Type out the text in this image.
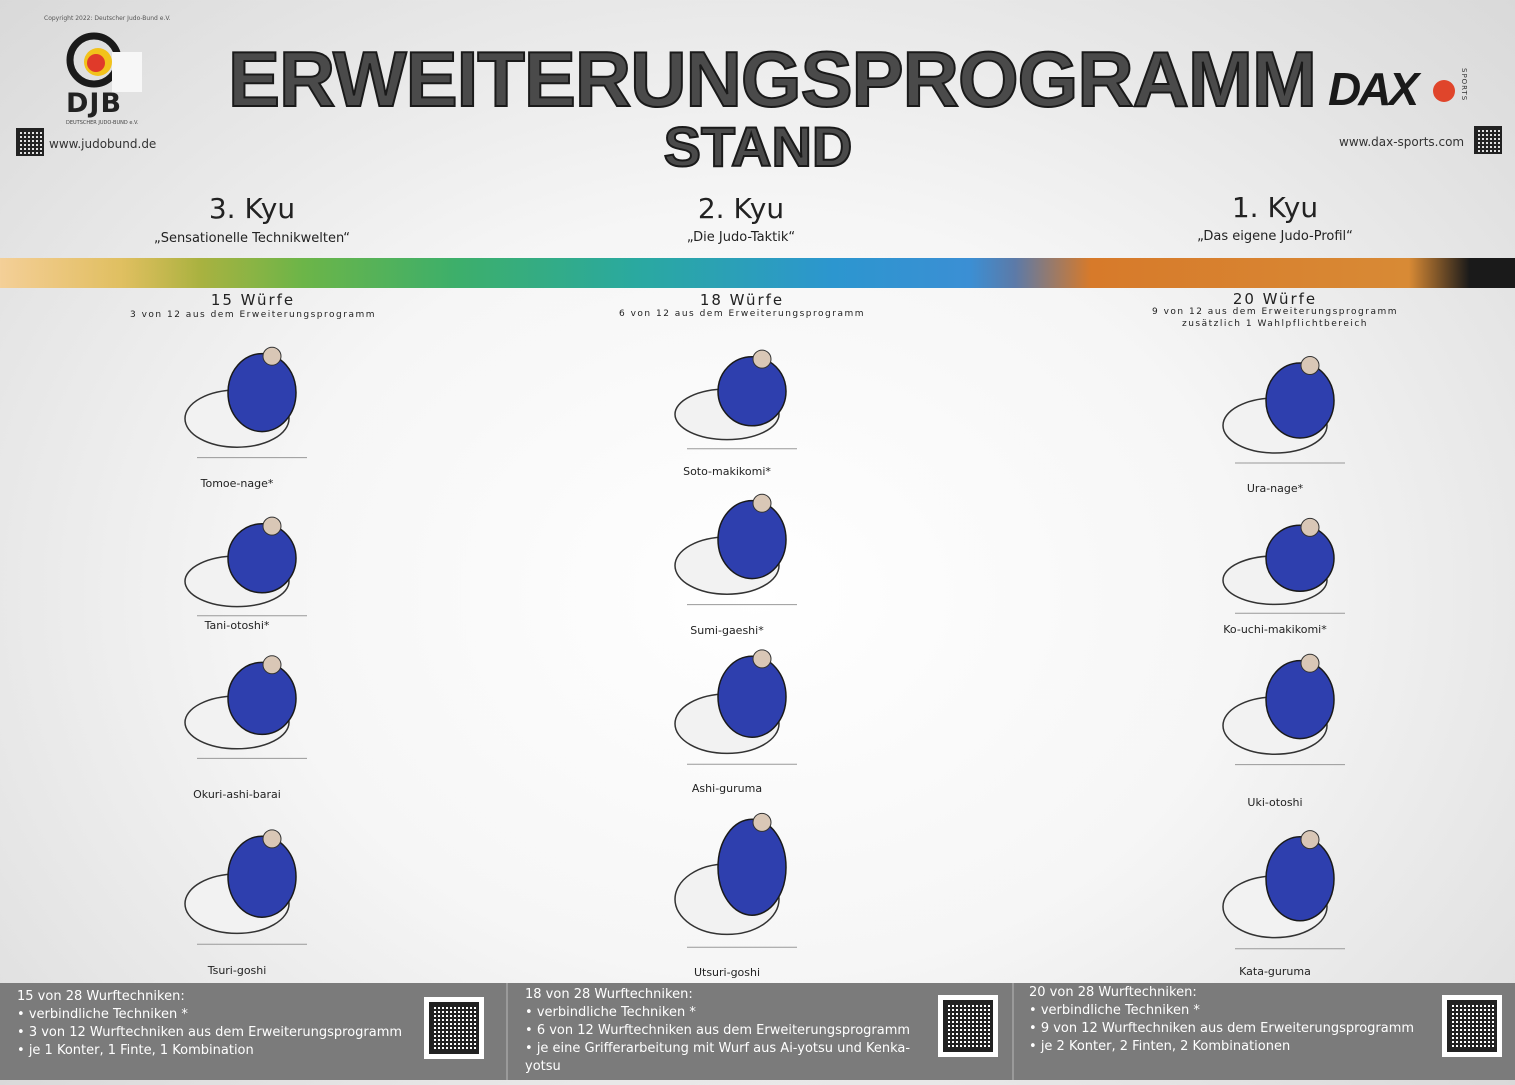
Copyright 2022: Deutscher Judo-Bund e.V.
DJB
DEUTSCHER JUDO-BUND e.V.
www.judobund.de
ERWEITERUNGSPROGRAMM
STAND
DAX	SPORTS
www.dax-sports.com
3. Kyu
„Sensationelle Technikwelten“
2. Kyu
„Die Judo-Taktik“
1. Kyu
„Das eigene Judo-Profil“
15 Würfe
3 von 12 aus dem Erweiterungsprogramm
18 Würfe
6 von 12 aus dem Erweiterungsprogramm
20 Würfe
9 von 12 aus dem Erweiterungsprogramm
zusätzlich 1 Wahlpflichtbereich
Tomoe-nage*
Tani-otoshi*
Okuri-ashi-barai
Tsuri-goshi
Soto-makikomi*
Sumi-gaeshi*
Ashi-guruma
Utsuri-goshi
Ura-nage*
Ko-uchi-makikomi*
Uki-otoshi
Kata-guruma
15 von 28 Wurftechniken:
• verbindliche Techniken *
• 3 von 12 Wurftechniken aus dem Erweiterungsprogramm
• je 1 Konter, 1 Finte, 1 Kombination
18 von 28 Wurftechniken:
• verbindliche Techniken *
• 6 von 12 Wurftechniken aus dem Erweiterungsprogramm
• je eine Grifferarbeitung mit Wurf aus Ai-yotsu und Kenka-yotsu
20 von 28 Wurftechniken:
• verbindliche Techniken *
• 9 von 12 Wurftechniken aus dem Erweiterungsprogramm
• je 2 Konter, 2 Finten, 2 Kombinationen
